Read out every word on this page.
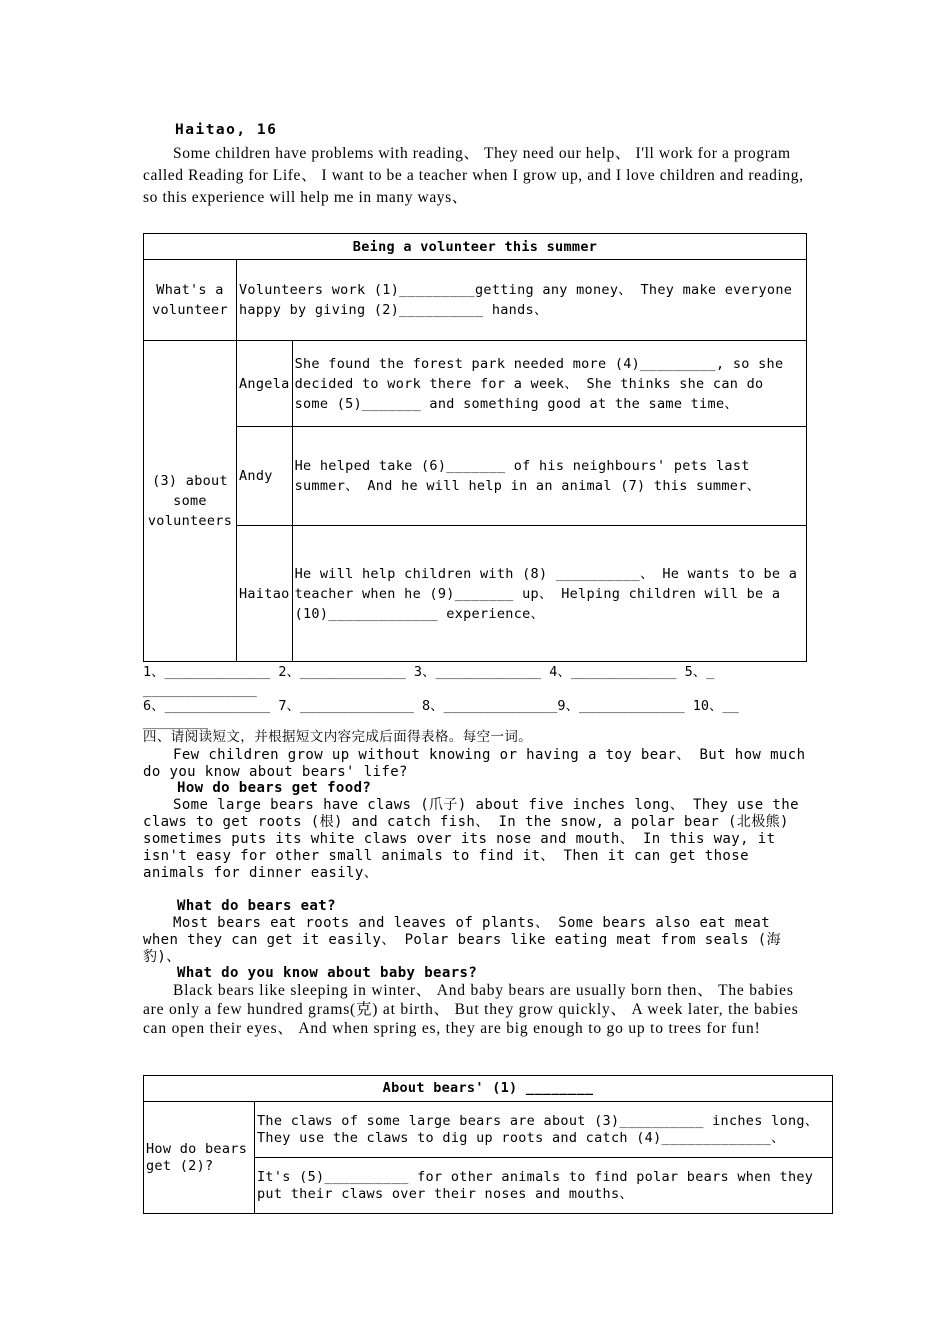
Haitao, 16
Some children have problems with reading、 They need our help、 I'll work for a program called Reading for Life、 I want to be a teacher when I grow up, and I love children and reading, so this experience will help me in many ways、
Being a volunteer this summer		
What's a volunteer	Volunteers work (1)_________getting any money、 They make everyone happy by giving (2)__________ hands、	
(3) about some volunteers	Angela	She found the forest park needed more (4)_________, so she decided to work there for a week、 She thinks she can do some (5)_______ and something good at the same time、
	Andy	He helped take (6)_______ of his neighbours' pets last summer、 And he will help in an animal (7) this summer、
	Haitao	He will help children with (8) __________、 He wants to be a teacher when he (9)_______ up、 Helping children will be a (10)_____________ experience、
1、_____________ 2、_____________ 3、_____________ 4、_____________ 5、_
______________
6、_____________ 7、______________ 8、______________9、_____________ 10、__
________
四、请阅读短文，并根据短文内容完成后面得表格。每空一词。
Few children grow up without knowing or having a toy bear、 But how much do you know about bears' life?
How do bears get food?
Some large bears have claws (爪子) about five inches long、 They use the claws to get roots (根) and catch fish、 In the snow, a polar bear (北极熊) sometimes puts its white claws over its nose and mouth、 In this way, it isn't easy for other small animals to find it、 Then it can get those animals for dinner easily、
What do bears eat?
Most bears eat roots and leaves of plants、 Some bears also eat meat when they can get it easily、 Polar bears like eating meat from seals (海豹)、
What do you know about baby bears?
Black bears like sleeping in winter、 And baby bears are usually born then、 The babies are only a few hundred grams(克) at birth、 But they grow quickly、 A week later, the babies can open their eyes、 And when spring es, they are big enough to go up to trees for fun!
About bears' (1) ________
How do bears get (2)?	The claws of some large bears are about (3)__________ inches long、 They use the claws to dig up roots and catch (4)_____________、
It's (5)__________ for other animals to find polar bears when they put their claws over their noses and mouths、
